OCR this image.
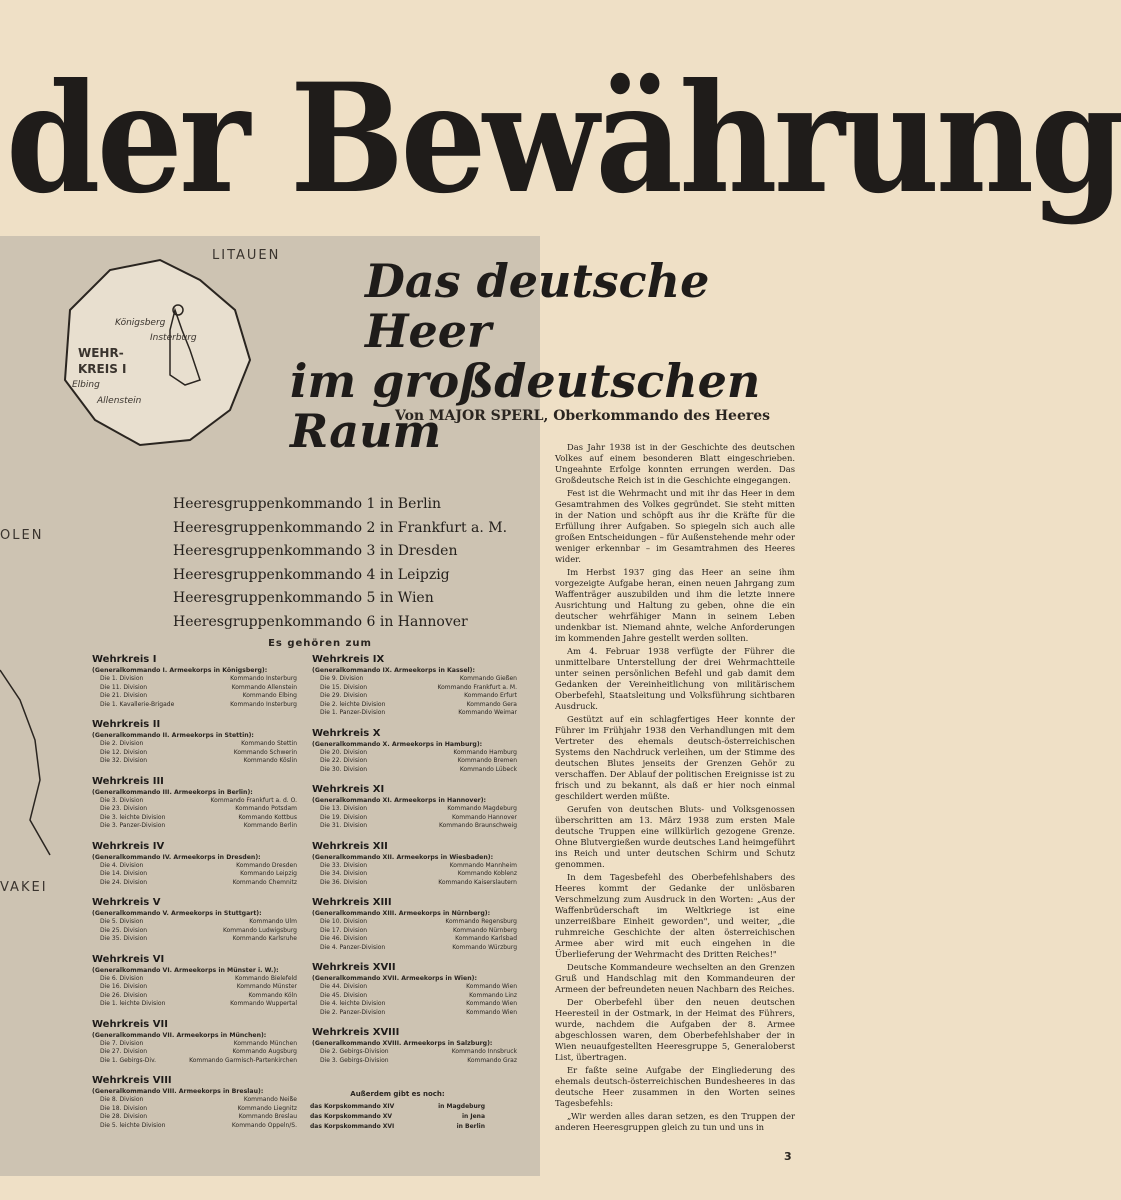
der Bewährung
LITAUEN
OLEN
VAKEI
WEHR-
KREIS I
Königsberg
Insterburg
Elbing
Allenstein
Das deutsche Heer
im großdeutschen Raum
Von MAJOR SPERL, Oberkommando des Heeres
Heeresgruppenkommando 1 in Berlin
Heeresgruppenkommando 2 in Frankfurt a. M.
Heeresgruppenkommando 3 in Dresden
Heeresgruppenkommando 4 in Leipzig
Heeresgruppenkommando 5 in Wien
Heeresgruppenkommando 6 in Hannover
Es gehören zum
Wehrkreis I
(Generalkommando I. Armeekorps in Königsberg):
Die 1. Division	Kommando Insterburg
Die 11. Division	Kommando Allenstein
Die 21. Division	Kommando Elbing
Die 1. Kavallerie-Brigade	Kommando Insterburg
Wehrkreis II
(Generalkommando II. Armeekorps in Stettin):
Die 2. Division	Kommando Stettin
Die 12. Division	Kommando Schwerin
Die 32. Division	Kommando Köslin
Wehrkreis III
(Generalkommando III. Armeekorps in Berlin):
Die 3. Division	Kommando Frankfurt a. d. O.
Die 23. Division	Kommando Potsdam
Die 3. leichte Division	Kommando Kottbus
Die 3. Panzer-Division	Kommando Berlin
Wehrkreis IV
(Generalkommando IV. Armeekorps in Dresden):
Die 4. Division	Kommando Dresden
Die 14. Division	Kommando Leipzig
Die 24. Division	Kommando Chemnitz
Wehrkreis V
(Generalkommando V. Armeekorps in Stuttgart):
Die 5. Division	Kommando Ulm
Die 25. Division	Kommando Ludwigsburg
Die 35. Division	Kommando Karlsruhe
Wehrkreis VI
(Generalkommando VI. Armeekorps in Münster i. W.):
Die 6. Division	Kommando Bielefeld
Die 16. Division	Kommando Münster
Die 26. Division	Kommando Köln
Die 1. leichte Division	Kommando Wuppertal
Wehrkreis VII
(Generalkommando VII. Armeekorps in München):
Die 7. Division	Kommando München
Die 27. Division	Kommando Augsburg
Die 1. Gebirgs-Div.	Kommando Garmisch-Partenkirchen
Wehrkreis VIII
(Generalkommando VIII. Armeekorps in Breslau):
Die 8. Division	Kommando Neiße
Die 18. Division	Kommando Liegnitz
Die 28. Division	Kommando Breslau
Die 5. leichte Division	Kommando Oppeln/S.
Wehrkreis IX
(Generalkommando IX. Armeekorps in Kassel):
Die 9. Division	Kommando Gießen
Die 15. Division	Kommando Frankfurt a. M.
Die 29. Division	Kommando Erfurt
Die 2. leichte Division	Kommando Gera
Die 1. Panzer-Division	Kommando Weimar
Wehrkreis X
(Generalkommando X. Armeekorps in Hamburg):
Die 20. Division	Kommando Hamburg
Die 22. Division	Kommando Bremen
Die 30. Division	Kommando Lübeck
Wehrkreis XI
(Generalkommando XI. Armeekorps in Hannover):
Die 13. Division	Kommando Magdeburg
Die 19. Division	Kommando Hannover
Die 31. Division	Kommando Braunschweig
Wehrkreis XII
(Generalkommando XII. Armeekorps in Wiesbaden):
Die 33. Division	Kommando Mannheim
Die 34. Division	Kommando Koblenz
Die 36. Division	Kommando Kaiserslautern
Wehrkreis XIII
(Generalkommando XIII. Armeekorps in Nürnberg):
Die 10. Division	Kommando Regensburg
Die 17. Division	Kommando Nürnberg
Die 46. Division	Kommando Karlsbad
Die 4. Panzer-Division	Kommando Würzburg
Wehrkreis XVII
(Generalkommando XVII. Armeekorps in Wien):
Die 44. Division	Kommando Wien
Die 45. Division	Kommando Linz
Die 4. leichte Division	Kommando Wien
Die 2. Panzer-Division	Kommando Wien
Wehrkreis XVIII
(Generalkommando XVIII. Armeekorps in Salzburg):
Die 2. Gebirgs-Division	Kommando Innsbruck
Die 3. Gebirgs-Division	Kommando Graz
Außerdem gibt es noch:
das Korpskommando XIV	in Magdeburg
das Korpskommando XV	in Jena
das Korpskommando XVI	in Berlin

Das Jahr 1938 ist in der Geschichte des deutschen Volkes auf einem besonderen Blatt eingeschrieben. Ungeahnte Erfolge konnten errungen werden. Das Großdeutsche Reich ist in die Geschichte eingegangen.

Fest ist die Wehrmacht und mit ihr das Heer in dem Gesamtrahmen des Volkes gegründet. Sie steht mitten in der Nation und schöpft aus ihr die Kräfte für die Erfüllung ihrer Aufgaben. So spiegeln sich auch alle großen Entscheidungen – für Außenstehende mehr oder weniger erkennbar – im Gesamtrahmen des Heeres wider.

Im Herbst 1937 ging das Heer an seine ihm vorgezeigte Aufgabe heran, einen neuen Jahrgang zum Waffenträger auszubilden und ihm die letzte innere Ausrichtung und Haltung zu geben, ohne die ein deutscher wehrfähiger Mann in seinem Leben undenkbar ist. Niemand ahnte, welche Anforderungen im kommenden Jahre gestellt werden sollten.

Am 4. Februar 1938 verfügte der Führer die unmittelbare Unterstellung der drei Wehrmachtteile unter seinen persönlichen Befehl und gab damit dem Gedanken der Vereinheitlichung von militärischem Oberbefehl, Staatsleitung und Volksführung sichtbaren Ausdruck.

Gestützt auf ein schlagfertiges Heer konnte der Führer im Frühjahr 1938 den Verhandlungen mit dem Vertreter des ehemals deutsch-österreichischen Systems den Nachdruck verleihen, um der Stimme des deutschen Blutes jenseits der Grenzen Gehör zu verschaffen. Der Ablauf der politischen Ereignisse ist zu frisch und zu bekannt, als daß er hier noch einmal geschildert werden müßte.

Gerufen von deutschen Bluts- und Volksgenossen überschritten am 13. März 1938 zum ersten Male deutsche Truppen eine willkürlich gezogene Grenze. Ohne Blutvergießen wurde deutsches Land heimgeführt ins Reich und unter deutschen Schirm und Schutz genommen.

In dem Tagesbefehl des Oberbefehlshabers des Heeres kommt der Gedanke der unlösbaren Verschmelzung zum Ausdruck in den Worten: „Aus der Waffenbrüderschaft im Weltkriege ist eine unzerreißbare Einheit geworden", und weiter, „die ruhmreiche Geschichte der alten österreichischen Armee aber wird mit euch eingehen in die Überlieferung der Wehrmacht des Dritten Reiches!"

Deutsche Kommandeure wechselten an den Grenzen Gruß und Handschlag mit den Kommandeuren der Armeen der befreundeten neuen Nachbarn des Reiches.

Der Oberbefehl über den neuen deutschen Heeresteil in der Ostmark, in der Heimat des Führers, wurde, nachdem die Aufgaben der 8. Armee abgeschlossen waren, dem Oberbefehlshaber der in Wien neuaufgestellten Heeresgruppe 5, Generaloberst List, übertragen.

Er faßte seine Aufgabe der Eingliederung des ehemals deutsch-österreichischen Bundesheeres in das deutsche Heer zusammen in den Worten seines Tagesbefehls:

„Wir werden alles daran setzen, es den Truppen der anderen Heeresgruppen gleich zu tun und uns in

3
